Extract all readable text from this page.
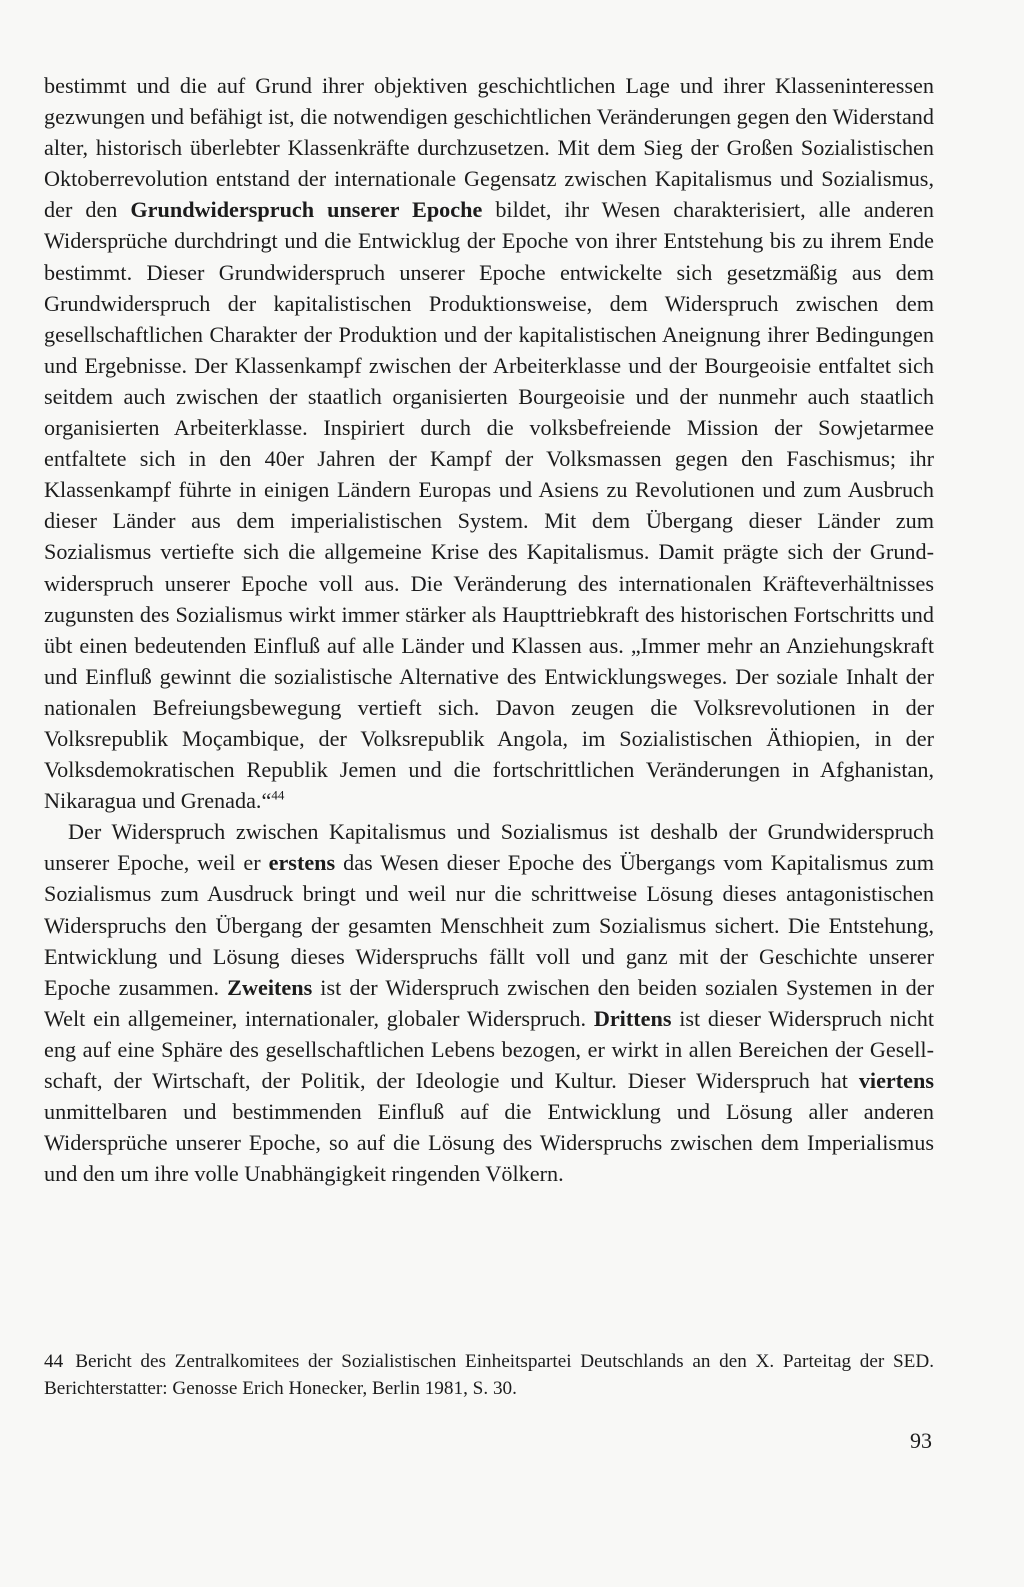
bestimmt und die auf Grund ihrer objektiven geschichtlichen Lage und ihrer Klasseninteressen gezwungen und befähigt ist, die notwendigen geschichtlichen Veränderungen gegen den Widerstand alter, historisch überlebter Klassenkräfte durchzusetzen. Mit dem Sieg der Großen Sozialistischen Oktoberrevolution entstand der internationale Gegensatz zwischen Kapitalismus und Sozialismus, der den Grundwiderspruch unserer Epoche bildet, ihr Wesen charakterisiert, alle anderen Widersprüche durchdringt und die Entwicklug der Epoche von ihrer Entstehung bis zu ihrem Ende bestimmt. Dieser Grundwiderspruch unserer Epoche entwickelte sich gesetzmäßig aus dem Grundwiderspruch der kapitalistischen Produktionsweise, dem Widerspruch zwischen dem gesellschaftlichen Charakter der Produktion und der kapitalistischen Aneignung ihrer Bedingungen und Ergebnisse. Der Klassenkampf zwischen der Arbeiterklasse und der Bourgeoisie entfaltet sich seitdem auch zwischen der staatlich organisierten Bourgeoisie und der nunmehr auch staatlich organisierten Arbeiterklasse. Inspiriert durch die volksbefreiende Mission der Sowjetarmee entfaltete sich in den 40er Jahren der Kampf der Volksmassen gegen den Faschismus; ihr Klassenkampf führte in einigen Ländern Europas und Asiens zu Revolutionen und zum Ausbruch dieser Länder aus dem imperialistischen System. Mit dem Übergang dieser Länder zum Sozialismus vertiefte sich die allgemeine Krise des Kapitalismus. Damit prägte sich der Grundwiderspruch unserer Epoche voll aus. Die Veränderung des internationalen Kräfteverhältnisses zugunsten des Sozialismus wirkt immer stärker als Haupttriebkraft des historischen Fortschritts und übt einen bedeutenden Einfluß auf alle Länder und Klassen aus. „Immer mehr an Anziehungskraft und Einfluß gewinnt die sozialistische Alternative des Entwicklungsweges. Der soziale Inhalt der nationalen Befreiungsbewegung vertieft sich. Davon zeugen die Volksrevolutionen in der Volksrepublik Moçambique, der Volksrepublik Angola, im Sozialistischen Äthiopien, in der Volksdemokratischen Republik Jemen und die fortschrittlichen Veränderungen in Afghanistan, Nikaragua und Grenada.“$^{44}$

Der Widerspruch zwischen Kapitalismus und Sozialismus ist deshalb der Grundwiderspruch unserer Epoche, weil er erstens das Wesen dieser Epoche des Übergangs vom Kapitalismus zum Sozialismus zum Ausdruck bringt und weil nur die schrittweise Lösung dieses antagonistischen Widerspruchs den Übergang der gesamten Menschheit zum Sozialismus sichert. Die Entstehung, Entwicklung und Lösung dieses Widerspruchs fällt voll und ganz mit der Geschichte unserer Epoche zusammen. Zweitens ist der Widerspruch zwischen den beiden sozialen Systemen in der Welt ein allgemeiner, internationaler, globaler Widerspruch. Drittens ist dieser Widerspruch nicht eng auf eine Sphäre des gesellschaftlichen Lebens bezogen, er wirkt in allen Bereichen der Gesellschaft, der Wirtschaft, der Politik, der Ideologie und Kultur. Dieser Widerspruch hat viertens unmittelbaren und bestimmenden Einfluß auf die Entwicklung und Lösung aller anderen Widersprüche unserer Epoche, so auf die Lösung des Widerspruchs zwischen dem Imperialismus und den um ihre volle Unabhängigkeit ringenden Völkern.

44 Bericht des Zentralkomitees der Sozialistischen Einheitspartei Deutschlands an den X. Parteitag der SED. Berichterstatter: Genosse Erich Honecker, Berlin 1981, S. 30.

93
